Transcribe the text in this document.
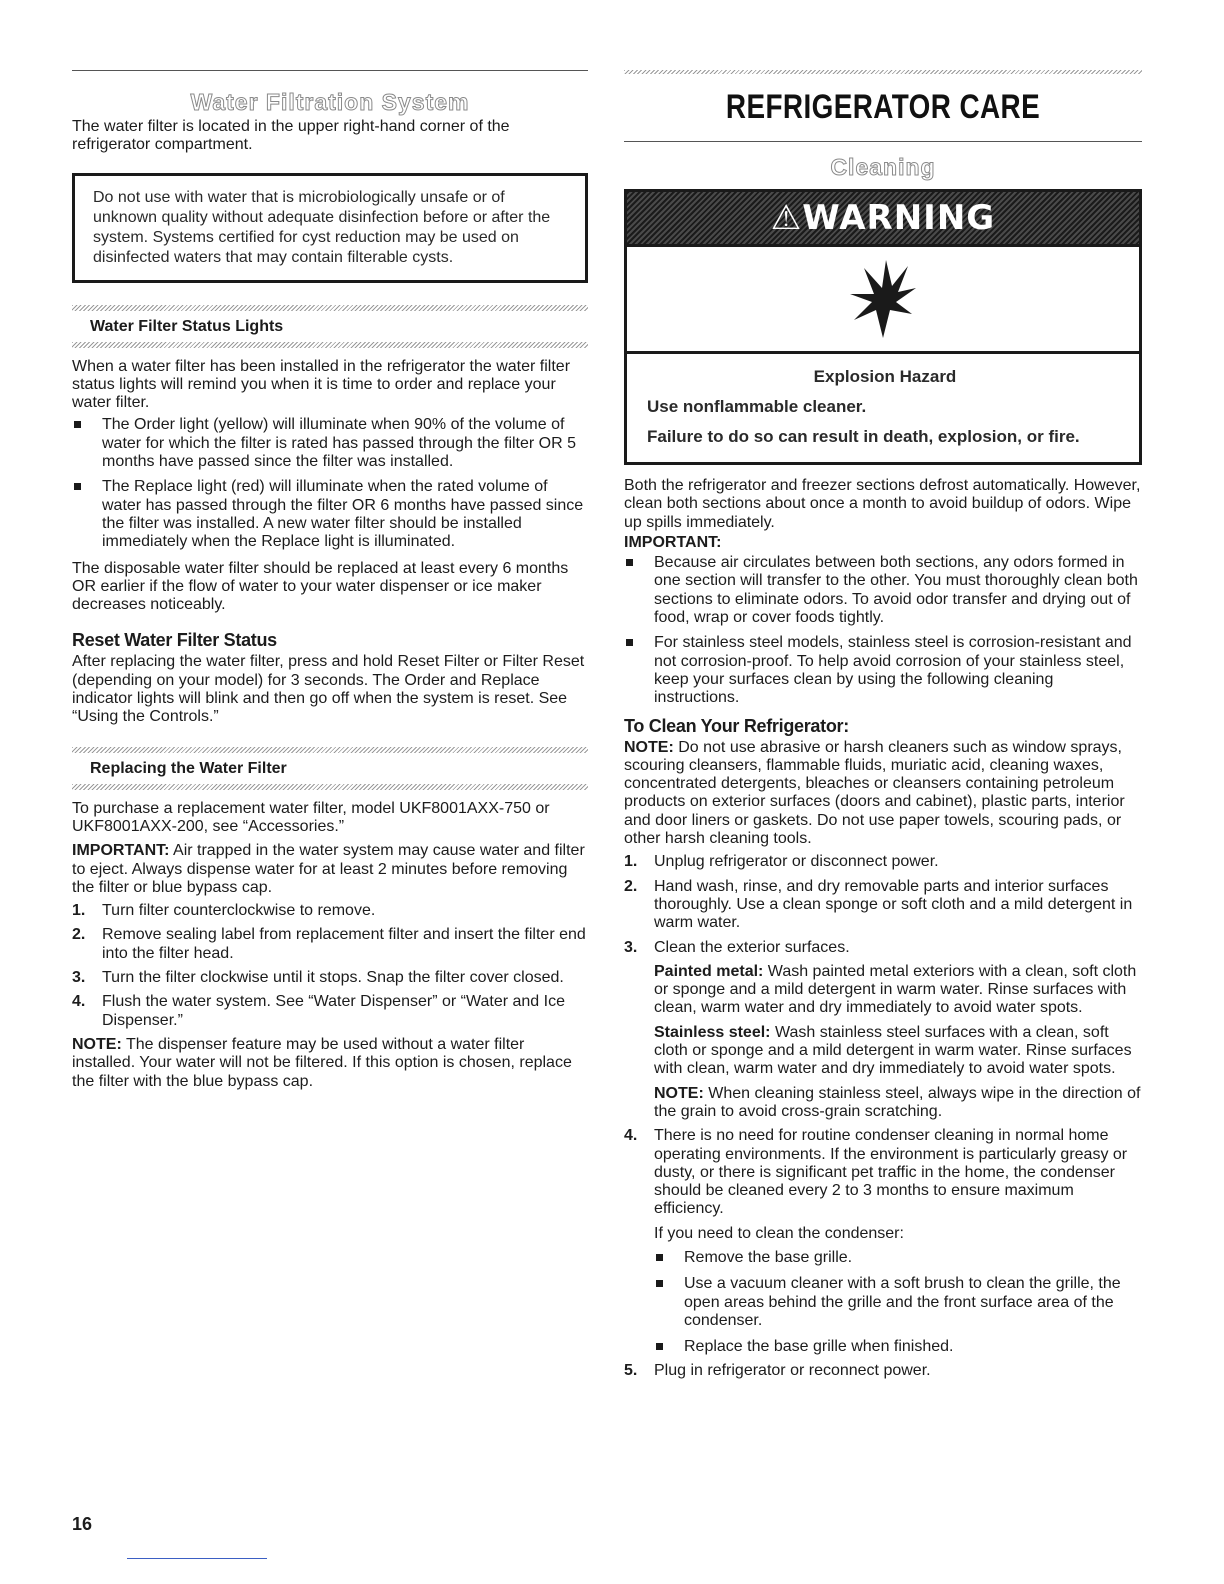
Water Filtration System

The water filter is located in the upper right-hand corner of the refrigerator compartment.

Do not use with water that is microbiologically unsafe or of unknown quality without adequate disinfection before or after the system. Systems certified for cyst reduction may be used on disinfected waters that may contain filterable cysts.

Water Filter Status Lights

When a water filter has been installed in the refrigerator the water filter status lights will remind you when it is time to order and replace your water filter.

The Order light (yellow) will illuminate when 90% of the volume of water for which the filter is rated has passed through the filter OR 5 months have passed since the filter was installed.
The Replace light (red) will illuminate when the rated volume of water has passed through the filter OR 6 months have passed since the filter was installed. A new water filter should be installed immediately when the Replace light is illuminated.

The disposable water filter should be replaced at least every 6 months OR earlier if the flow of water to your water dispenser or ice maker decreases noticeably.

Reset Water Filter Status

After replacing the water filter, press and hold Reset Filter or Filter Reset (depending on your model) for 3 seconds. The Order and Replace indicator lights will blink and then go off when the system is reset. See “Using the Controls.”

Replacing the Water Filter

To purchase a replacement water filter, model UKF8001AXX-750 or UKF8001AXX-200, see “Accessories.”

IMPORTANT: Air trapped in the water system may cause water and filter to eject. Always dispense water for at least 2 minutes before removing the filter or blue bypass cap.

1. Turn filter counterclockwise to remove.
2. Remove sealing label from replacement filter and insert the filter end into the filter head.
3. Turn the filter clockwise until it stops. Snap the filter cover closed.
4. Flush the water system. See “Water Dispenser” or “Water and Ice Dispenser.”

NOTE: The dispenser feature may be used without a water filter installed. Your water will not be filtered. If this option is chosen, replace the filter with the blue bypass cap.

REFRIGERATOR CARE
Cleaning
⚠WARNING

Explosion Hazard

Use nonflammable cleaner.

Failure to do so can result in death, explosion, or fire.

Both the refrigerator and freezer sections defrost automatically. However, clean both sections about once a month to avoid buildup of odors. Wipe up spills immediately.

IMPORTANT:

Because air circulates between both sections, any odors formed in one section will transfer to the other. You must thoroughly clean both sections to eliminate odors. To avoid odor transfer and drying out of food, wrap or cover foods tightly.
For stainless steel models, stainless steel is corrosion-resistant and not corrosion-proof. To help avoid corrosion of your stainless steel, keep your surfaces clean by using the following cleaning instructions.
To Clean Your Refrigerator:

NOTE: Do not use abrasive or harsh cleaners such as window sprays, scouring cleansers, flammable fluids, muriatic acid, cleaning waxes, concentrated detergents, bleaches or cleansers containing petroleum products on exterior surfaces (doors and cabinet), plastic parts, interior and door liners or gaskets. Do not use paper towels, scouring pads, or other harsh cleaning tools.

1. Unplug refrigerator or disconnect power.
2. Hand wash, rinse, and dry removable parts and interior surfaces thoroughly. Use a clean sponge or soft cloth and a mild detergent in warm water.
3. Clean the exterior surfaces.

Painted metal: Wash painted metal exteriors with a clean, soft cloth or sponge and a mild detergent in warm water. Rinse surfaces with clean, warm water and dry immediately to avoid water spots.

Stainless steel: Wash stainless steel surfaces with a clean, soft cloth or sponge and a mild detergent in warm water. Rinse surfaces with clean, warm water and dry immediately to avoid water spots.

NOTE: When cleaning stainless steel, always wipe in the direction of the grain to avoid cross-grain scratching.

4. There is no need for routine condenser cleaning in normal home operating environments. If the environment is particularly greasy or dusty, or there is significant pet traffic in the home, the condenser should be cleaned every 2 to 3 months to ensure maximum efficiency.

If you need to clean the condenser:

Remove the base grille.
Use a vacuum cleaner with a soft brush to clean the grille, the open areas behind the grille and the front surface area of the condenser.
Replace the base grille when finished.
5. Plug in refrigerator or reconnect power.
16
